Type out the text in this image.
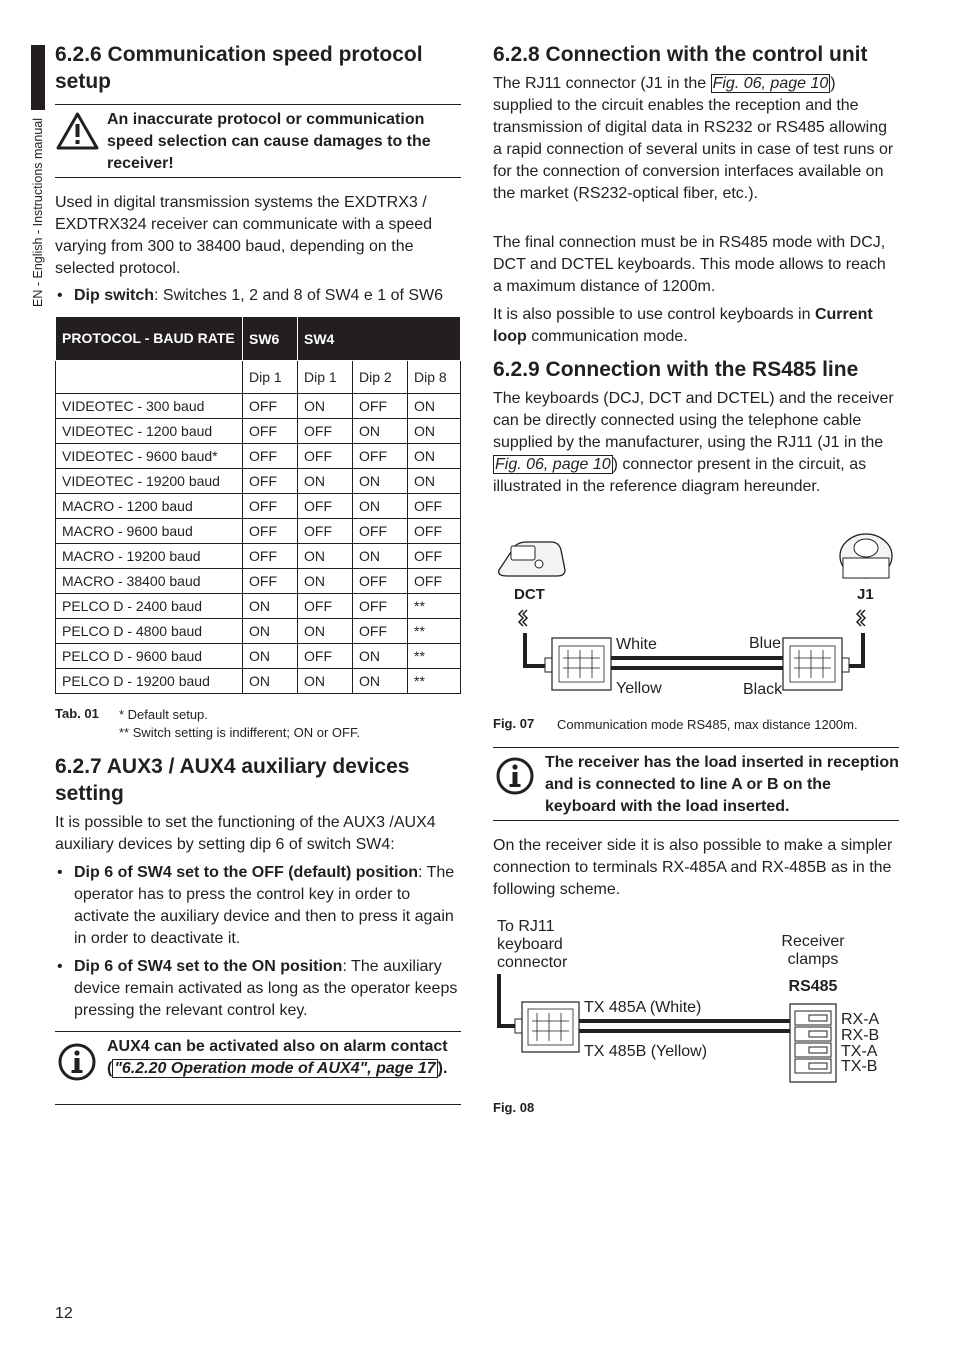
EN - English - Instructions manual
6.2.6 Communication speed protocol setup
An inaccurate protocol or communication speed selection can cause damages to the receiver!

Used in digital transmission systems the EXDTRX3 / EXDTRX324 receiver can communicate with a speed varying from 300 to 38400 baud, depending on the selected protocol.

• Dip switch: Switches 1, 2 and 8 of SW4 e 1 of SW6
PROTOCOL - BAUD RATE	SW6	SW4		
	Dip 1	Dip 1	Dip 2	Dip 8
VIDEOTEC - 300 baud	OFF	ON	OFF	ON
VIDEOTEC - 1200 baud	OFF	OFF	ON	ON
VIDEOTEC - 9600 baud*	OFF	OFF	OFF	ON
VIDEOTEC - 19200 baud	OFF	ON	ON	ON
MACRO - 1200 baud	OFF	OFF	ON	OFF
MACRO - 9600 baud	OFF	OFF	OFF	OFF
MACRO - 19200 baud	OFF	ON	ON	OFF
MACRO - 38400 baud	OFF	ON	OFF	OFF
PELCO D - 2400 baud	ON	OFF	OFF	**
PELCO D - 4800 baud	ON	ON	OFF	**
PELCO D - 9600 baud	ON	OFF	ON	**
PELCO D - 19200 baud	ON	ON	ON	**
Tab. 01 * Default setup.
** Switch setting is indifferent; ON or OFF.
6.2.7 AUX3 / AUX4 auxiliary devices setting

It is possible to set the functioning of the AUX3 /AUX4 auxiliary devices by setting dip 6 of switch SW4:

• Dip 6 of SW4 set to the OFF (default) position: The operator has to press the control key in order to activate the auxiliary device and then to press it again in order to deactivate it.
• Dip 6 of SW4 set to the ON position: The auxiliary device remain activated as long as the operator keeps pressing the relevant control key.
AUX4 can be activated also on alarm contact ( "6.2.20 Operation mode of AUX4", page 17 ).
6.2.8 Connection with the control unit

The RJ11 connector (J1 in the Fig. 06, page 10 ) supplied to the circuit enables the reception and the transmission of digital data in RS232 or RS485 allowing a rapid connection of several units in case of test runs or for the connection of conversion interfaces available on the market (RS232-optical fiber, etc.).

The final connection must be in RS485 mode with DCJ, DCT and DCTEL keyboards. This mode allows to reach a maximum distance of 1200m.

It is also possible to use control keyboards in Current loop communication mode.

6.2.9 Connection with the RS485 line

The keyboards (DCJ, DCT and DCTEL) and the receiver can be directly connected using the telephone cable supplied by the manufacturer, using the RJ11 (J1 in the Fig. 06, page 10 ) connector present in the circuit, as illustrated in the reference diagram hereunder.

DCT	J1
White
Yellow
Blue
Black
Fig. 07 Communication mode RS485, max distance 1200m.
The receiver has the load inserted in reception and is connected to line A or B on the keyboard with the load inserted.

On the receiver side it is also possible to make a simpler connection to terminals RX-485A and RX-485B as in the following scheme.

To RJ11
keyboard
connector
Receiver
clamps
RS485
TX 485A (White)
TX 485B (Yellow)
RX-A
RX-B
TX-A
TX-B
Fig. 08
12
